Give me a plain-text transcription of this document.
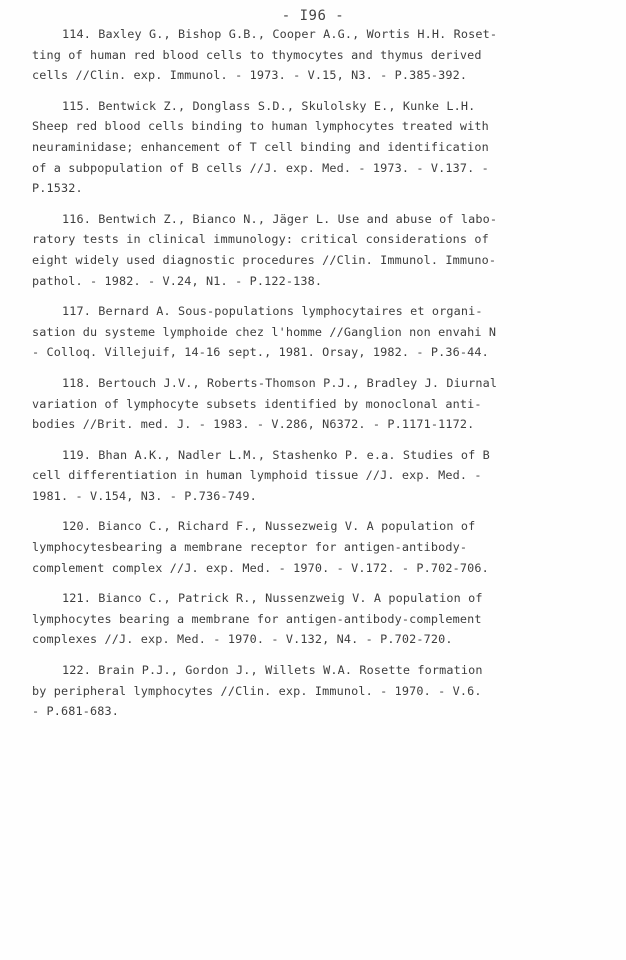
- I96 -
114. Baxley G., Bishop G.B., Cooper A.G., Wortis H.H. Roset-
ting of human red blood cells to thymocytes and thymus derived
cells //Clin. exp. Immunol. - 1973. - V.15, N3. - P.385-392.
115. Bentwick Z., Donglass S.D., Skulolsky E., Kunke L.H.
Sheep red blood cells binding to human lymphocytes treated with
neuraminidase; enhancement of T cell binding and identification
of a subpopulation of B cells //J. exp. Med. - 1973. - V.137. -
P.1532.
116. Bentwich Z., Bianco N., Jäger L. Use and abuse of labo-
ratory tests in clinical immunology: critical considerations of
eight widely used diagnostic procedures //Clin. Immunol. Immuno-
pathol. - 1982. - V.24, N1. - P.122-138.
117. Bernard A. Sous-populations lymphocytaires et organi-
sation du systeme lymphoide chez l'homme //Ganglion non envahi N
- Colloq. Villejuif, 14-16 sept., 1981. Orsay, 1982. - P.36-44.
118. Bertouch J.V., Roberts-Thomson P.J., Bradley J. Diurnal
variation of lymphocyte subsets identified by monoclonal anti-
bodies //Brit. med. J. - 1983. - V.286, N6372. - P.1171-1172.
119. Bhan A.K., Nadler L.M., Stashenko P. e.a. Studies of B
cell differentiation in human lymphoid tissue //J. exp. Med. -
1981. - V.154, N3. - P.736-749.
120. Bianco C., Richard F., Nussezweig V. A population of
lymphocytesbearing a membrane receptor for antigen-antibody-
complement complex //J. exp. Med. - 1970. - V.172. - P.702-706.
121. Bianco C., Patrick R., Nussenzweig V. A population of
lymphocytes bearing a membrane for antigen-antibody-complement
complexes //J. exp. Med. - 1970. - V.132, N4. - P.702-720.
122. Brain P.J., Gordon J., Willets W.A. Rosette formation
by peripheral lymphocytes //Clin. exp. Immunol. - 1970. - V.6.
- P.681-683.
